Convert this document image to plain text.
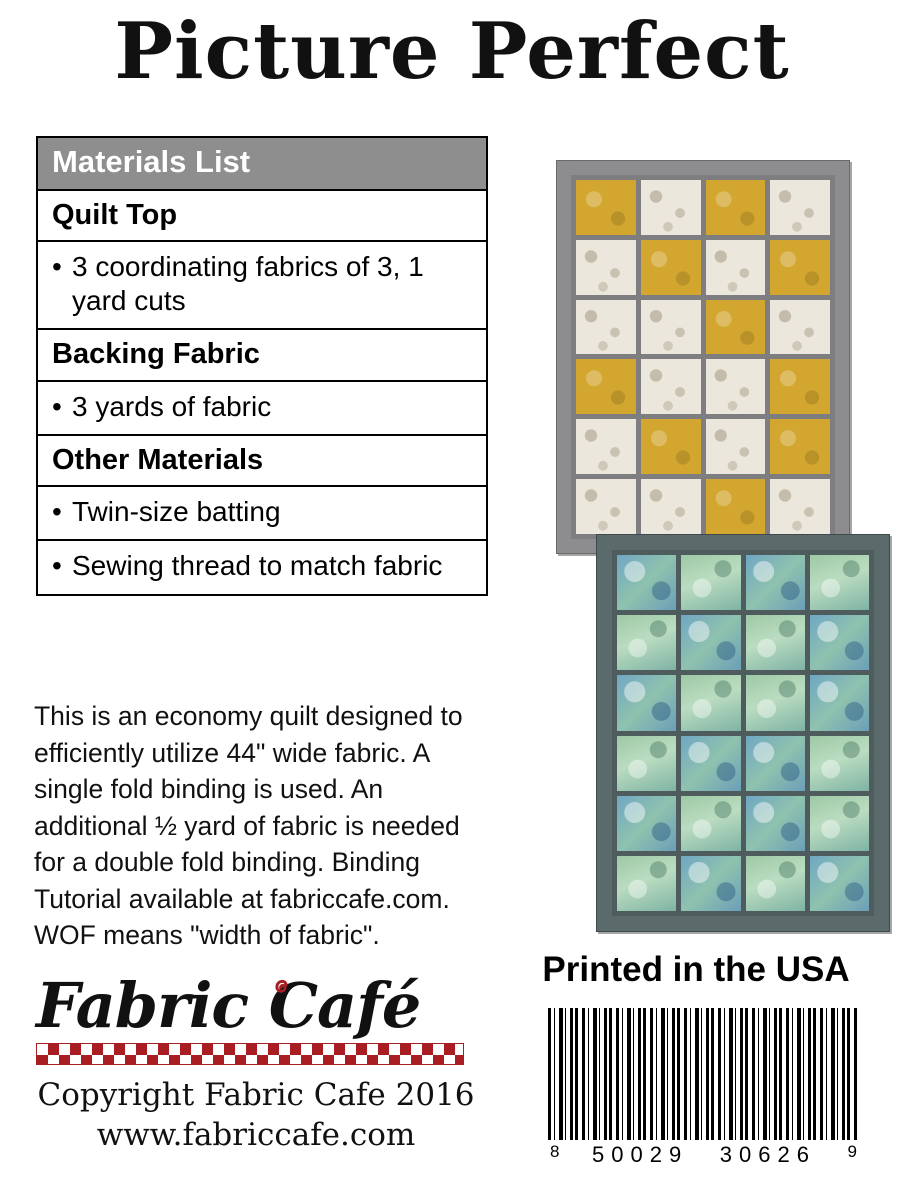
Picture Perfect
Materials List
Quilt Top
• 3 coordinating fabrics of 3, 1 yard cuts
Backing Fabric
• 3 yards of fabric
Other Materials
• Twin-size batting
• Sewing thread to match fabric
This is an economy quilt designed to efficiently utilize 44" wide fabric. A single fold binding is used. An additional ½ yard of fabric is needed for a double fold binding. Binding Tutorial available at fabriccafe.com. WOF means "width of fabric".
Fabric Café
Copyright Fabric Cafe 2016
www.fabriccafe.com
Printed in the USA
8 50029 30626 9
